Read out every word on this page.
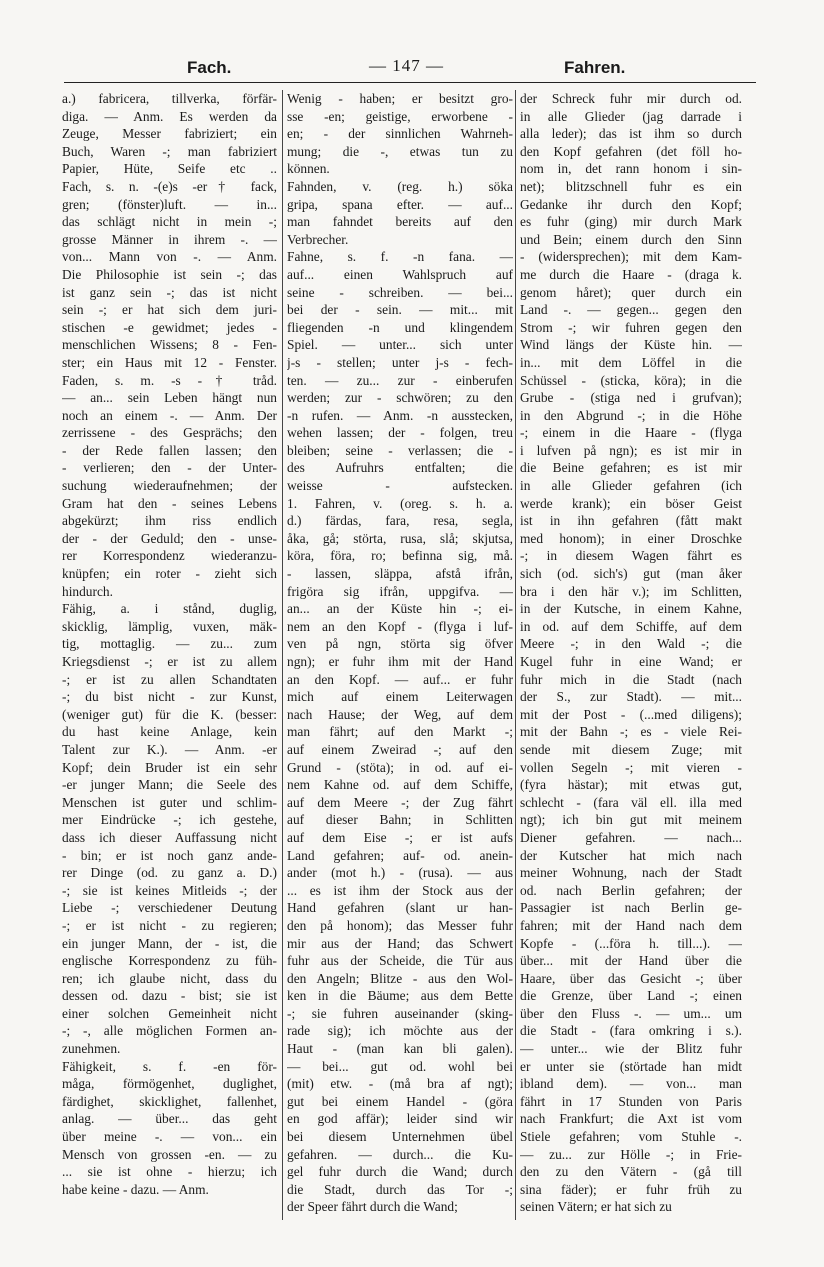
Fach.	— 147 —	Fahren.
a.) fabricera, tillverka, förfär-
diga. — Anm. Es werden da
Zeuge, Messer fabriziert; ein
Buch, Waren -; man fabriziert
Papier, Hüte, Seife etc ..
Fach, s. n. -(e)s -er† fack,
gren; (fönster)luft. — in...
das schlägt nicht in mein -;
grosse Männer in ihrem -. —
von... Mann von -. — Anm.
Die Philosophie ist sein -; das
ist ganz sein -; das ist nicht
sein -; er hat sich dem juri-
stischen -e gewidmet; jedes -
menschlichen Wissens; 8 - Fen-
ster; ein Haus mit 12 - Fenster.
Faden, s. m. -s -† tråd.
— an... sein Leben hängt nun
noch an einem -. — Anm. Der
zerrissene - des Gesprächs; den
- der Rede fallen lassen; den
- verlieren; den - der Unter-
suchung wiederaufnehmen; der
Gram hat den - seines Lebens
abgekürzt; ihm riss endlich
der - der Geduld; den - unse-
rer Korrespondenz wiederanzu-
knüpfen; ein roter - zieht sich
hindurch.
Fähig, a. i stånd, duglig,
skicklig, lämplig, vuxen, mäk-
tig, mottaglig. — zu... zum
Kriegsdienst -; er ist zu allem
-; er ist zu allen Schandtaten
-; du bist nicht - zur Kunst,
(weniger gut) für die K. (besser:
du hast keine Anlage, kein
Talent zur K.). — Anm. -er
Kopf; dein Bruder ist ein sehr
-er junger Mann; die Seele des
Menschen ist guter und schlim-
mer Eindrücke -; ich gestehe,
dass ich dieser Auffassung nicht
- bin; er ist noch ganz ande-
rer Dinge (od. zu ganz a. D.)
-; sie ist keines Mitleids -; der
Liebe -; verschiedener Deutung
-; er ist nicht - zu regieren;
ein junger Mann, der - ist, die
englische Korrespondenz zu füh-
ren; ich glaube nicht, dass du
dessen od. dazu - bist; sie ist
einer solchen Gemeinheit nicht
-; -, alle möglichen Formen an-
zunehmen.
Fähigkeit, s. f. -en för-
måga, förmögenhet, duglighet,
färdighet, skicklighet, fallenhet,
anlag. — über... das geht
über meine -. — von... ein
Mensch von grossen -en. — zu
... sie ist ohne - hierzu; ich
habe keine - dazu. — Anm.
Wenig - haben; er besitzt gro-
sse -en; geistige, erworbene -
en; - der sinnlichen Wahrneh-
mung; die -, etwas tun zu
können.
Fahnden, v. (reg. h.) söka
gripa, spana efter. — auf...
man fahndet bereits auf den
Verbrecher.
Fahne, s. f. -n fana. —
auf... einen Wahlspruch auf
seine - schreiben. — bei...
bei der - sein. — mit... mit
fliegenden -n und klingendem
Spiel. — unter... sich unter
j-s - stellen; unter j-s - fech-
ten. — zu... zur - einberufen
werden; zur - schwören; zu den
-n rufen. — Anm. -n ausstecken,
wehen lassen; der - folgen, treu
bleiben; seine - verlassen; die -
des Aufruhrs entfalten; die
weisse - aufstecken.
1. Fahren, v. (oreg. s. h. a.
d.) färdas, fara, resa, segla,
åka, gå; störta, rusa, slå; skjutsa,
köra, föra, ro; befinna sig, må.
- lassen, släppa, afstå ifrån,
frigöra sig ifrån, uppgifva. —
an... an der Küste hin -; ei-
nem an den Kopf - (flyga i luf-
ven på ngn, störta sig öfver
ngn); er fuhr ihm mit der Hand
an den Kopf. — auf... er fuhr
mich auf einem Leiterwagen
nach Hause; der Weg, auf dem
man fährt; auf den Markt -;
auf einem Zweirad -; auf den
Grund - (stöta); in od. auf ei-
nem Kahne od. auf dem Schiffe,
auf dem Meere -; der Zug fährt
auf dieser Bahn; in Schlitten
auf dem Eise -; er ist aufs
Land gefahren; auf- od. anein-
ander (mot h.) - (rusa). — aus
... es ist ihm der Stock aus der
Hand gefahren (slant ur han-
den på honom); das Messer fuhr
mir aus der Hand; das Schwert
fuhr aus der Scheide, die Tür aus
den Angeln; Blitze - aus den Wol-
ken in die Bäume; aus dem Bette
-; sie fuhren auseinander (sking-
rade sig); ich möchte aus der
Haut - (man kan bli galen).
— bei... gut od. wohl bei
(mit) etw. - (må bra af ngt);
gut bei einem Handel - (göra
en god affär); leider sind wir
bei diesem Unternehmen übel
gefahren. — durch... die Ku-
gel fuhr durch die Wand; durch
die Stadt, durch das Tor -;
der Speer fährt durch die Wand;
der Schreck fuhr mir durch od.
in alle Glieder (jag darrade i
alla leder); das ist ihm so durch
den Kopf gefahren (det föll ho-
nom in, det rann honom i sin-
net); blitzschnell fuhr es ein
Gedanke ihr durch den Kopf;
es fuhr (ging) mir durch Mark
und Bein; einem durch den Sinn
- (widersprechen); mit dem Kam-
me durch die Haare - (draga k.
genom håret); quer durch ein
Land -. — gegen... gegen den
Strom -; wir fuhren gegen den
Wind längs der Küste hin. —
in... mit dem Löffel in die
Schüssel - (sticka, köra); in die
Grube - (stiga ned i grufvan);
in den Abgrund -; in die Höhe
-; einem in die Haare - (flyga
i lufven på ngn); es ist mir in
die Beine gefahren; es ist mir
in alle Glieder gefahren (ich
werde krank); ein böser Geist
ist in ihn gefahren (fått makt
med honom); in einer Droschke
-; in diesem Wagen fährt es
sich (od. sich's) gut (man åker
bra i den här v.); im Schlitten,
in der Kutsche, in einem Kahne,
in od. auf dem Schiffe, auf dem
Meere -; in den Wald -; die
Kugel fuhr in eine Wand; er
fuhr mich in die Stadt (nach
der S., zur Stadt). — mit...
mit der Post - (...med diligens);
mit der Bahn -; es - viele Rei-
sende mit diesem Zuge; mit
vollen Segeln -; mit vieren -
(fyra hästar); mit etwas gut,
schlecht - (fara väl ell. illa med
ngt); ich bin gut mit meinem
Diener gefahren. — nach...
der Kutscher hat mich nach
meiner Wohnung, nach der Stadt
od. nach Berlin gefahren; der
Passagier ist nach Berlin ge-
fahren; mit der Hand nach dem
Kopfe - (...föra h. till...). —
über... mit der Hand über die
Haare, über das Gesicht -; über
die Grenze, über Land -; einen
über den Fluss -. — um... um
die Stadt - (fara omkring i s.).
— unter... wie der Blitz fuhr
er unter sie (störtade han midt
ibland dem). — von... man
fährt in 17 Stunden von Paris
nach Frankfurt; die Axt ist vom
Stiele gefahren; vom Stuhle -.
— zu... zur Hölle -; in Frie-
den zu den Vätern - (gå till
sina fäder); er fuhr früh zu
seinen Vätern; er hat sich zu
